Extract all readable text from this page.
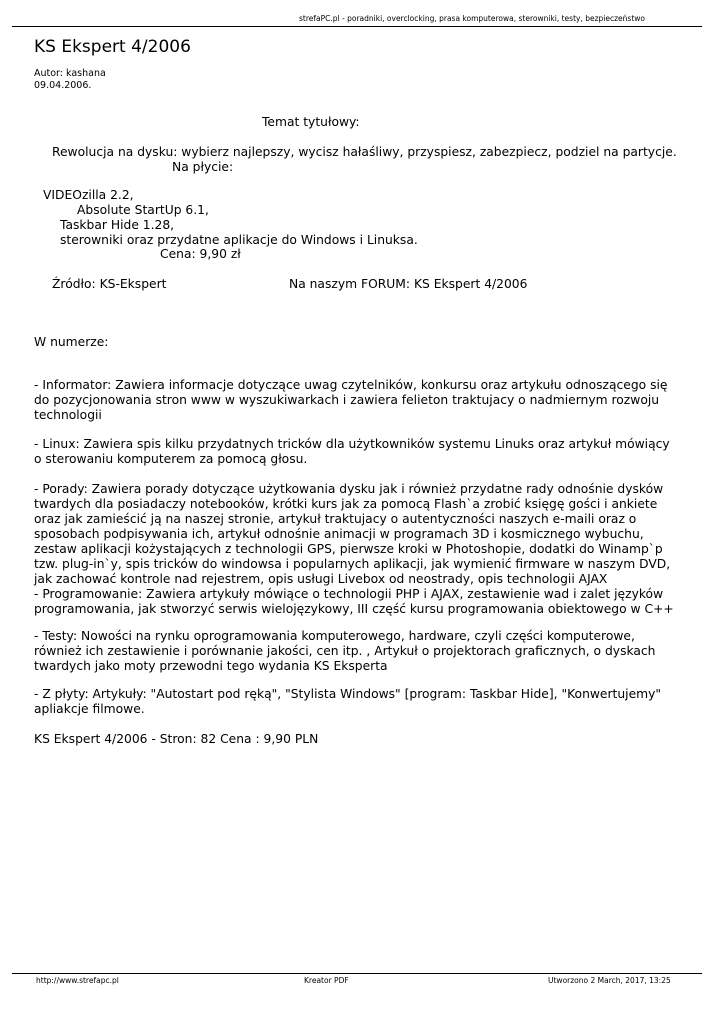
strefaPC.pl - poradniki, overclocking, prasa komputerowa, sterowniki, testy, bezpieczeństwo
KS Ekspert 4/2006
Autor: kashana
09.04.2006.
Temat tytułowy:
Rewolucja na dysku: wybierz najlepszy, wycisz hałaśliwy, przyspiesz, zabezpiecz, podziel na partycje.
Na płycie:
VIDEOzilla 2.2,
Absolute StartUp 6.1,
Taskbar Hide 1.28,
sterowniki oraz przydatne aplikacje do Windows i Linuksa.
Cena: 9,90 zł
Źródło: KS-Ekspert	Na naszym FORUM: KS Ekspert 4/2006
W numerze:
- Informator: Zawiera informacje dotyczące uwag czytelników, konkursu oraz artykułu odnoszącego się
do pozycjonowania stron www w wyszukiwarkach i zawiera felieton traktujacy o nadmiernym rozwoju
technologii
- Linux: Zawiera spis kilku przydatnych tricków dla użytkowników systemu Linuks oraz artykuł mówiący
o sterowaniu komputerem za pomocą głosu.
- Porady: Zawiera porady dotyczące użytkowania dysku jak i również przydatne rady odnośnie dysków
twardych dla posiadaczy notebooków, krótki kurs jak za pomocą Flash`a zrobić księgę gości i ankiete
oraz jak zamieścić ją na naszej stronie, artykuł traktujacy o autentyczności naszych e-maili oraz o
sposobach podpisywania ich, artykuł odnośnie animacji w programach 3D i kosmicznego wybuchu,
zestaw aplikacji kożystających z technologii GPS, pierwsze kroki w Photoshopie, dodatki do Winamp`p
tzw. plug-in`y, spis tricków do windowsa i popularnych aplikacji, jak wymienić firmware w naszym DVD,
jak zachować kontrole nad rejestrem, opis usługi Livebox od neostrady, opis technologii AJAX
- Programowanie: Zawiera artykuły mówiące o technologii PHP i AJAX, zestawienie wad i zalet języków
programowania, jak stworzyć serwis wielojęzykowy, III część kursu programowania obiektowego w C++
- Testy: Nowości na rynku oprogramowania komputerowego, hardware, czyli części komputerowe,
również ich zestawienie i porównanie jakości, cen itp. , Artykuł o projektorach graficznych, o dyskach
twardych jako moty przewodni tego wydania KS Eksperta
- Z płyty: Artykuły: "Autostart pod ręką", "Stylista Windows" [program: Taskbar Hide], "Konwertujemy"
apliakcje filmowe.
KS Ekspert 4/2006 - Stron: 82 Cena : 9,90 PLN
http://www.strefapc.pl	Kreator PDF	Utworzono 2 March, 2017, 13:25
